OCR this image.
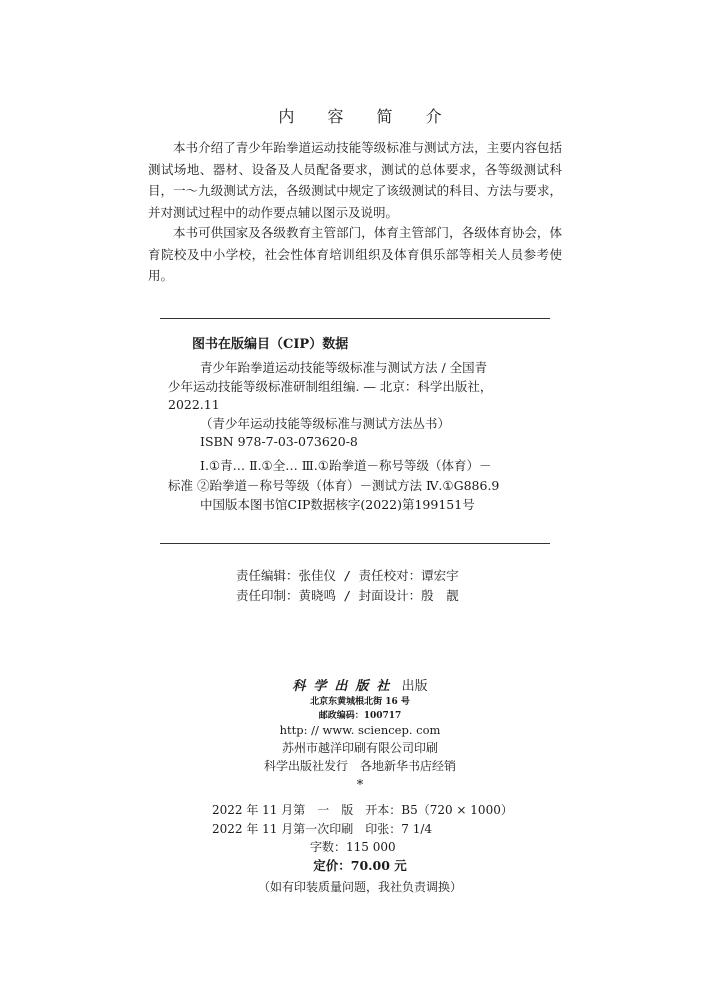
内 容 简 介

本书介绍了青少年跆拳道运动技能等级标准与测试方法，主要内容包括测试场地、器材、设备及人员配备要求，测试的总体要求，各等级测试科目，一～九级测试方法，各级测试中规定了该级测试的科目、方法与要求，并对测试过程中的动作要点辅以图示及说明。

本书可供国家及各级教育主管部门，体育主管部门，各级体育协会，体育院校及中小学校，社会性体育培训组织及体育俱乐部等相关人员参考使用。

图书在版编目（CIP）数据
青少年跆拳道运动技能等级标准与测试方法 / 全国青
少年运动技能等级标准研制组组编. — 北京：科学出版社，
2022.11
（青少年运动技能等级标准与测试方法丛书）
ISBN 978-7-03-073620-8
Ⅰ.①青… Ⅱ.①全… Ⅲ.①跆拳道－称号等级（体育）－
标准 ②跆拳道－称号等级（体育）－测试方法 Ⅳ.①G886.9
中国版本图书馆CIP数据核字(2022)第199151号
责任编辑：张佳仪 / 责任校对：谭宏宇
责任印制：黄晓鸣 / 封面设计：殷　靓
科学出版社 出版
北京东黄城根北街 16 号
邮政编码：100717
http: // www. sciencep. com
苏州市越洋印刷有限公司印刷
科学出版社发行　各地新华书店经销
*
2022 年 11 月第　一　版　开本：B5（720 × 1000）
2022 年 11 月第一次印刷　印张：7 1/4
字数：115 000
定价：70.00 元
（如有印装质量问题，我社负责调换）
